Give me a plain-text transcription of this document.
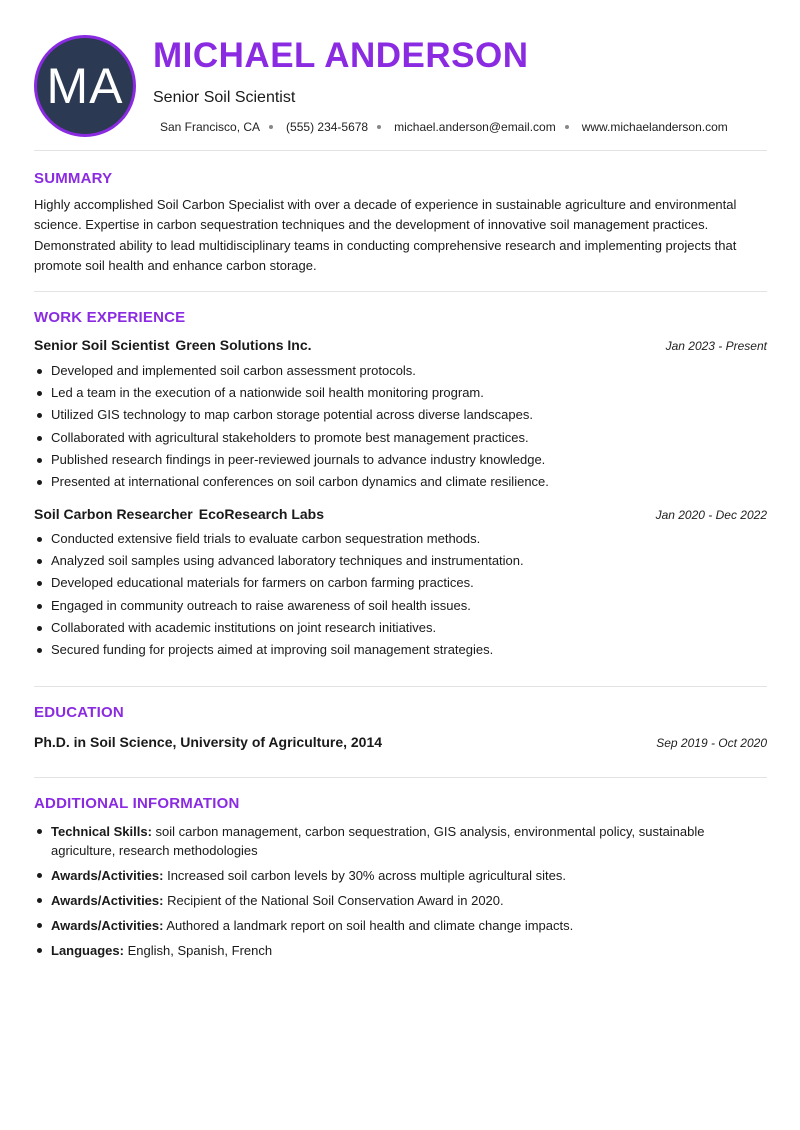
MA
MICHAEL ANDERSON

Senior Soil Scientist

San Francisco, CA (555) 234-5678 michael.anderson@email.com www.michaelanderson.com
SUMMARY

Highly accomplished Soil Carbon Specialist with over a decade of experience in sustainable agriculture and environmental science. Expertise in carbon sequestration techniques and the development of innovative soil management practices. Demonstrated ability to lead multidisciplinary teams in conducting comprehensive research and implementing projects that promote soil health and enhance carbon storage.

WORK EXPERIENCE
Senior Soil Scientist Green Solutions Inc.	Jan 2023 - Present
Developed and implemented soil carbon assessment protocols.
Led a team in the execution of a nationwide soil health monitoring program.
Utilized GIS technology to map carbon storage potential across diverse landscapes.
Collaborated with agricultural stakeholders to promote best management practices.
Published research findings in peer-reviewed journals to advance industry knowledge.
Presented at international conferences on soil carbon dynamics and climate resilience.
Soil Carbon Researcher EcoResearch Labs	Jan 2020 - Dec 2022
Conducted extensive field trials to evaluate carbon sequestration methods.
Analyzed soil samples using advanced laboratory techniques and instrumentation.
Developed educational materials for farmers on carbon farming practices.
Engaged in community outreach to raise awareness of soil health issues.
Collaborated with academic institutions on joint research initiatives.
Secured funding for projects aimed at improving soil management strategies.
EDUCATION
Ph.D. in Soil Science, University of Agriculture, 2014	Sep 2019 - Oct 2020
ADDITIONAL INFORMATION
Technical Skills: soil carbon management, carbon sequestration, GIS analysis, environmental policy, sustainable agriculture, research methodologies
Awards/Activities: Increased soil carbon levels by 30% across multiple agricultural sites.
Awards/Activities: Recipient of the National Soil Conservation Award in 2020.
Awards/Activities: Authored a landmark report on soil health and climate change impacts.
Languages: English, Spanish, French
